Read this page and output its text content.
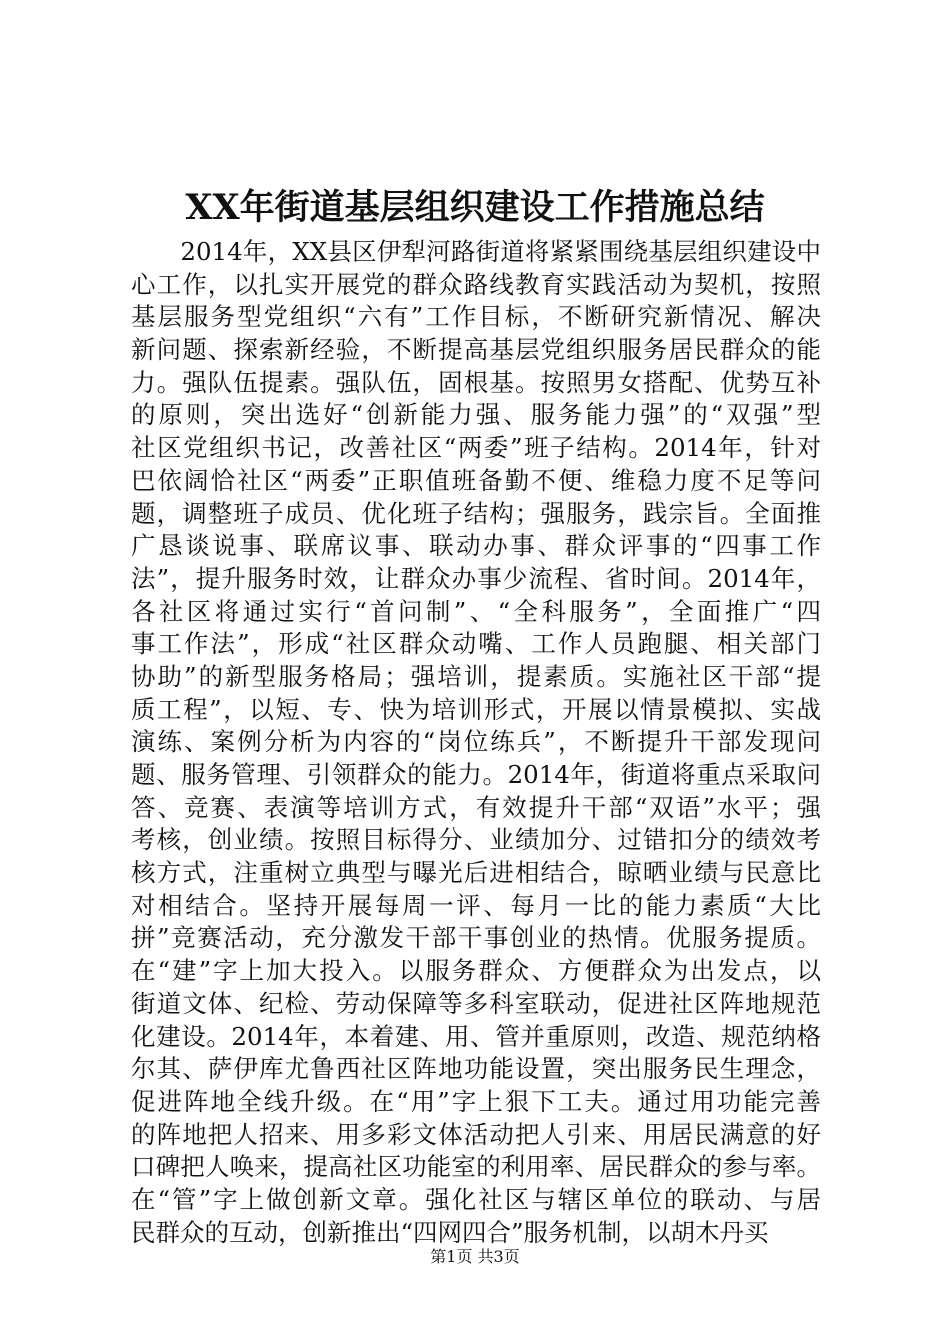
XX年街道基层组织建设工作措施总结
　　2014年，XX县区伊犁河路街道将紧紧围绕基层组织建设中
心工作，以扎实开展党的群众路线教育实践活动为契机，按照
基层服务型党组织“六有”工作目标，不断研究新情况、解决
新问题、探索新经验，不断提高基层党组织服务居民群众的能
力。强队伍提素。强队伍，固根基。按照男女搭配、优势互补
的原则，突出选好“创新能力强、服务能力强”的“双强”型
社区党组织书记，改善社区“两委”班子结构。2014年，针对
巴依阔恰社区“两委”正职值班备勤不便、维稳力度不足等问
题，调整班子成员、优化班子结构；强服务，践宗旨。全面推
广恳谈说事、联席议事、联动办事、群众评事的“四事工作
法”，提升服务时效，让群众办事少流程、省时间。2014年，
各社区将通过实行“首问制”、“全科服务”，全面推广“四
事工作法”，形成“社区群众动嘴、工作人员跑腿、相关部门
协助”的新型服务格局；强培训，提素质。实施社区干部“提
质工程”，以短、专、快为培训形式，开展以情景模拟、实战
演练、案例分析为内容的“岗位练兵”，不断提升干部发现问
题、服务管理、引领群众的能力。2014年，街道将重点采取问
答、竞赛、表演等培训方式，有效提升干部“双语”水平；强
考核，创业绩。按照目标得分、业绩加分、过错扣分的绩效考
核方式，注重树立典型与曝光后进相结合，晾晒业绩与民意比
对相结合。坚持开展每周一评、每月一比的能力素质“大比
拼”竞赛活动，充分激发干部干事创业的热情。优服务提质。
在“建”字上加大投入。以服务群众、方便群众为出发点，以
街道文体、纪检、劳动保障等多科室联动，促进社区阵地规范
化建设。2014年，本着建、用、管并重原则，改造、规范纳格
尔其、萨伊库尤鲁西社区阵地功能设置，突出服务民生理念，
促进阵地全线升级。在“用”字上狠下工夫。通过用功能完善
的阵地把人招来、用多彩文体活动把人引来、用居民满意的好
口碑把人唤来，提高社区功能室的利用率、居民群众的参与率。
在“管”字上做创新文章。强化社区与辖区单位的联动、与居
民群众的互动，创新推出“四网四合”服务机制，以胡木丹买
第1页 共3页
